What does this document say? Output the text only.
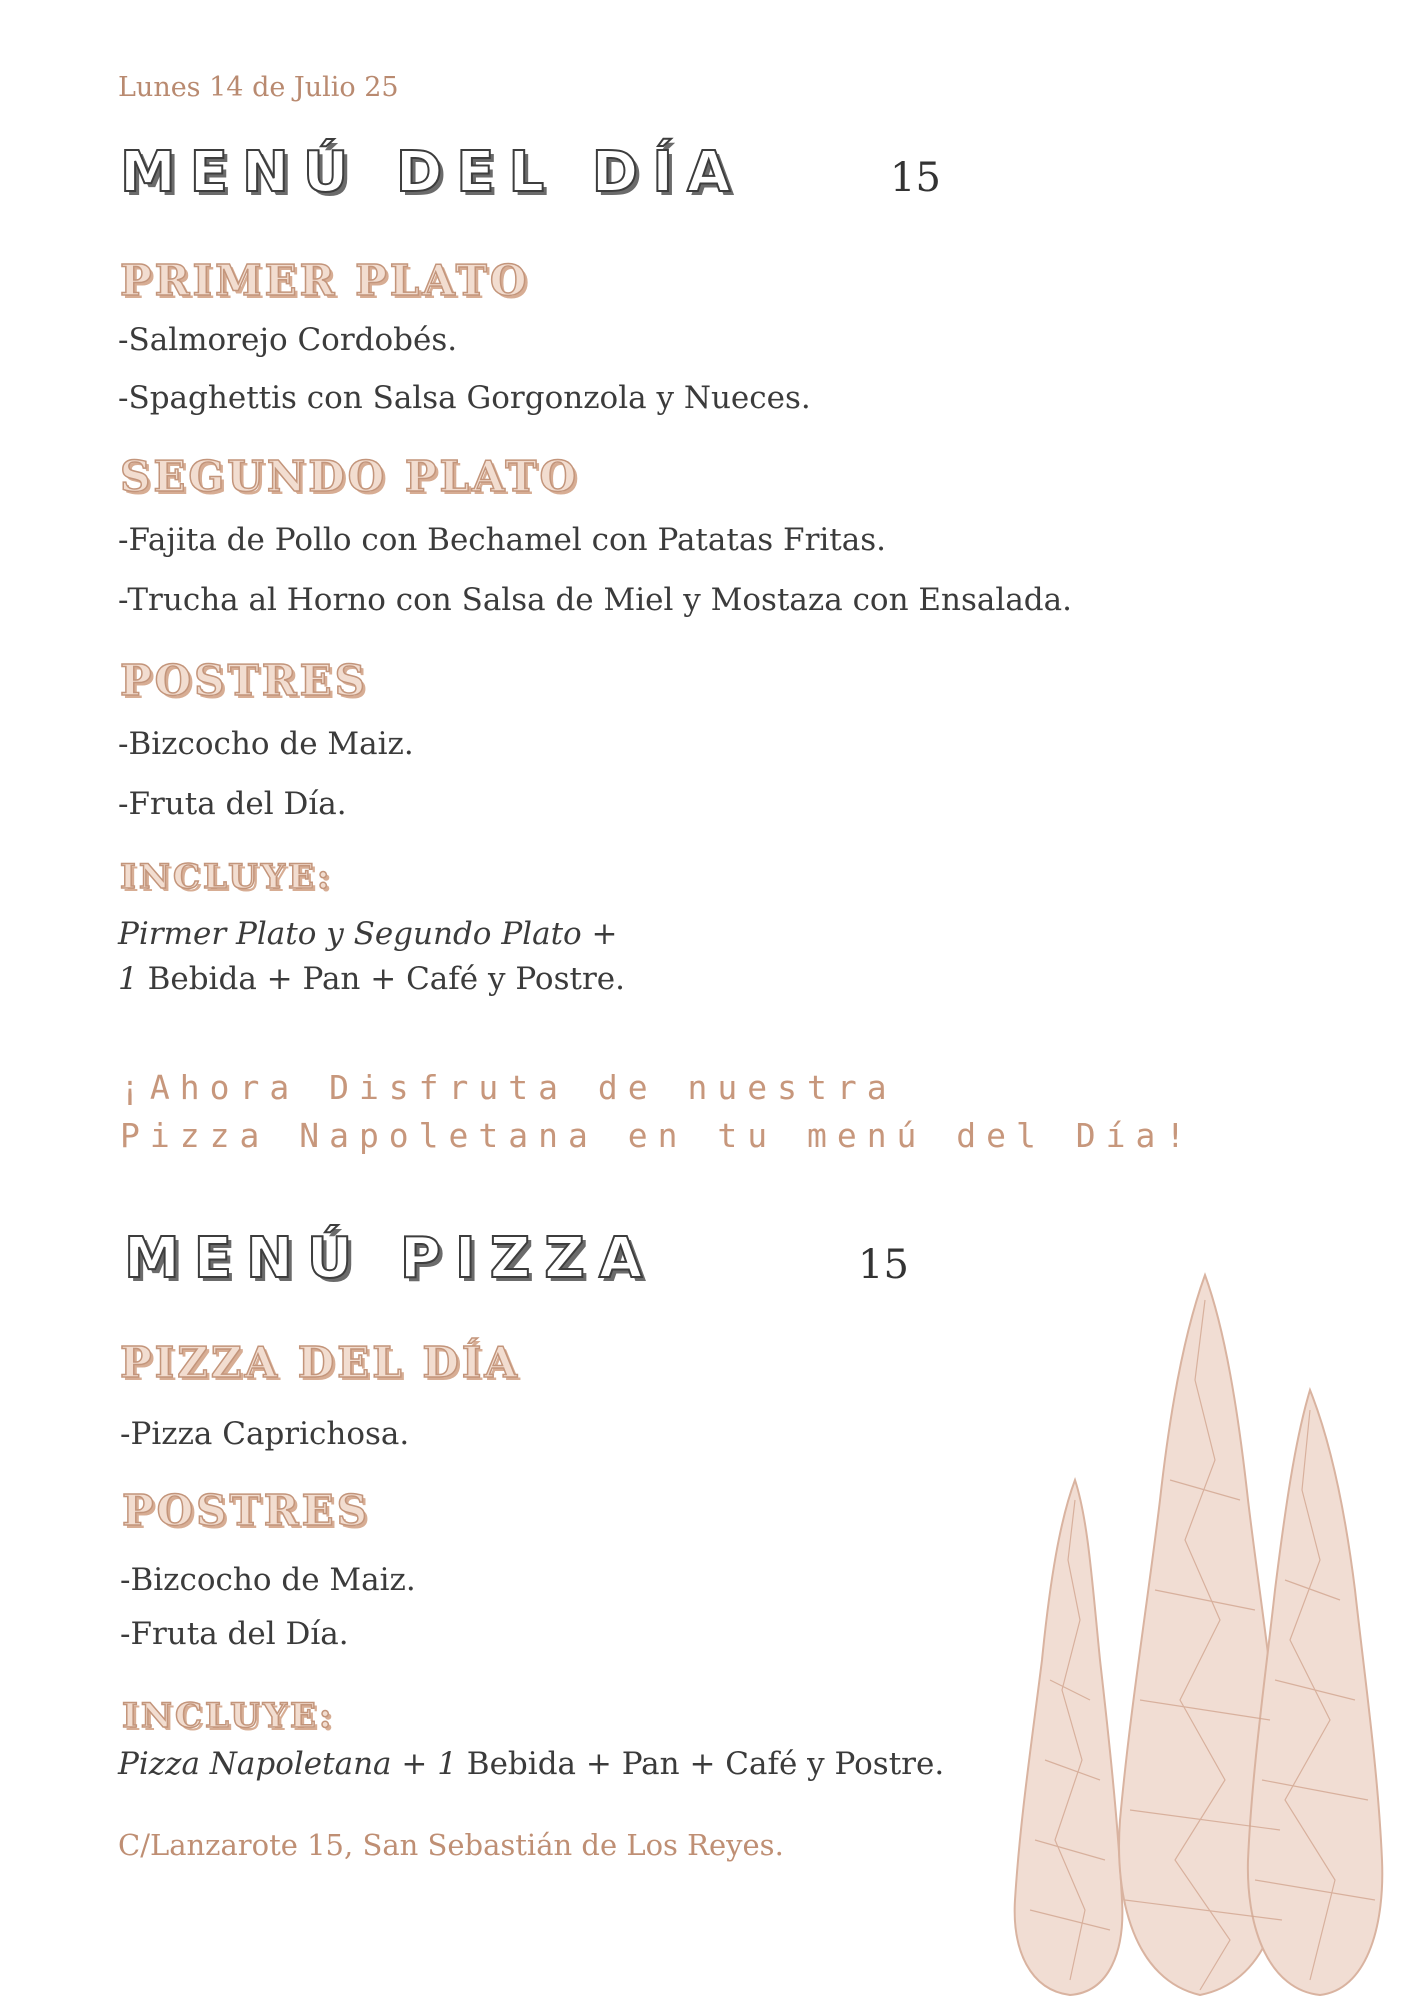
Lunes 14 de Julio 25
MENÚ DEL DÍA	15
PRIMER PLATO
-Salmorejo Cordobés.
-Spaghettis con Salsa Gorgonzola y Nueces.
SEGUNDO PLATO
-Fajita de Pollo con Bechamel con Patatas Fritas.
-Trucha al Horno con Salsa de Miel y Mostaza con Ensalada.
POSTRES
-Bizcocho de Maiz.
-Fruta del Día.
INCLUYE:
Pirmer Plato y Segundo Plato +
1 Bebida + Pan + Café y Postre.
¡Ahora Disfruta de nuestra
Pizza Napoletana en tu menú del Día!
MENÚ PIZZA	15
PIZZA DEL DÍA
-Pizza Caprichosa.
POSTRES
-Bizcocho de Maiz.
-Fruta del Día.
INCLUYE:
Pizza Napoletana + 1 Bebida + Pan + Café y Postre.
C/Lanzarote 15, San Sebastián de Los Reyes.
